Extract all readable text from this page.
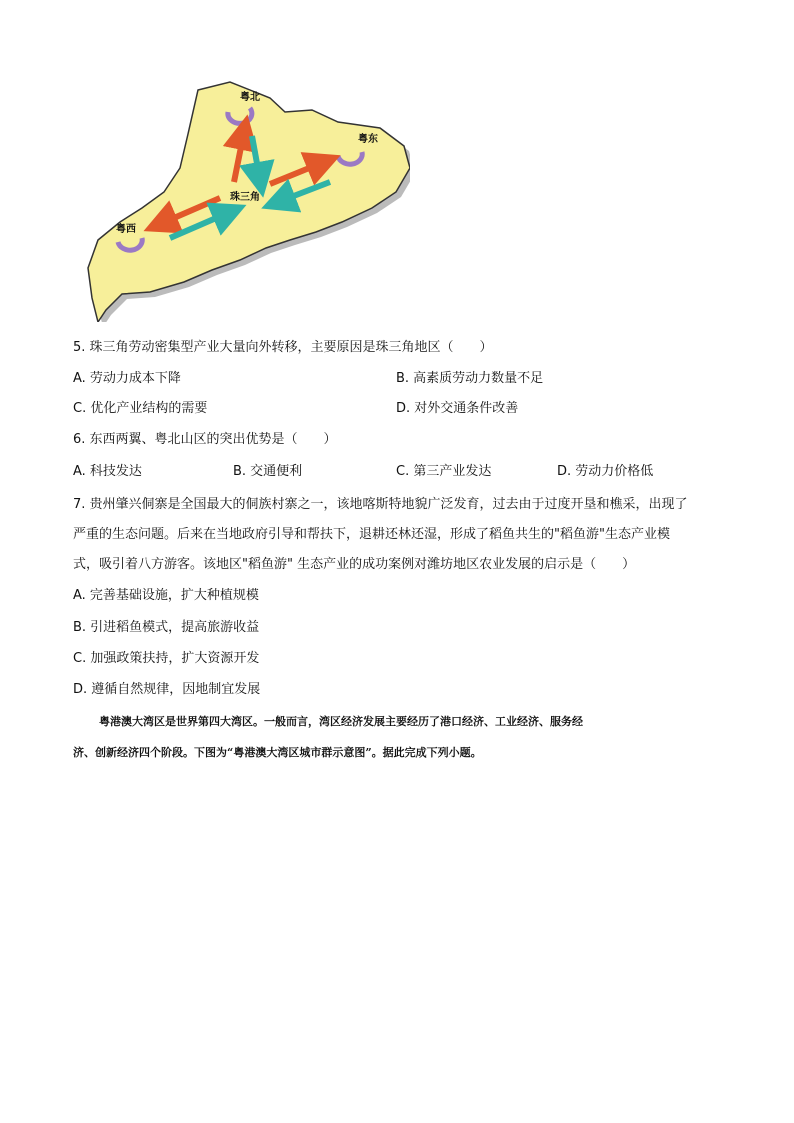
粤北
粤东
粤西
珠三角
5. 珠三角劳动密集型产业大量向外转移，主要原因是珠三角地区（　　）
A. 劳动力成本下降	B. 高素质劳动力数量不足
C. 优化产业结构的需要	D. 对外交通条件改善
6. 东西两翼、粤北山区的突出优势是（　　）
A. 科技发达	B. 交通便利	C. 第三产业发达	D. 劳动力价格低
7. 贵州肇兴侗寨是全国最大的侗族村寨之一，该地喀斯特地貌广泛发育，过去由于过度开垦和樵采，出现了
严重的生态问题。后来在当地政府引导和帮扶下，退耕还林还湿，形成了稻鱼共生的"稻鱼游"生态产业模
式，吸引着八方游客。该地区"稻鱼游" 生态产业的成功案例对潍坊地区农业发展的启示是（　　）
A. 完善基础设施，扩大种植规模
B. 引进稻鱼模式，提高旅游收益
C. 加强政策扶持，扩大资源开发
D. 遵循自然规律，因地制宜发展
粤港澳大湾区是世界第四大湾区。一般而言，湾区经济发展主要经历了港口经济、工业经济、服务经
济、创新经济四个阶段。下图为“粤港澳大湾区城市群示意图”。据此完成下列小题。
